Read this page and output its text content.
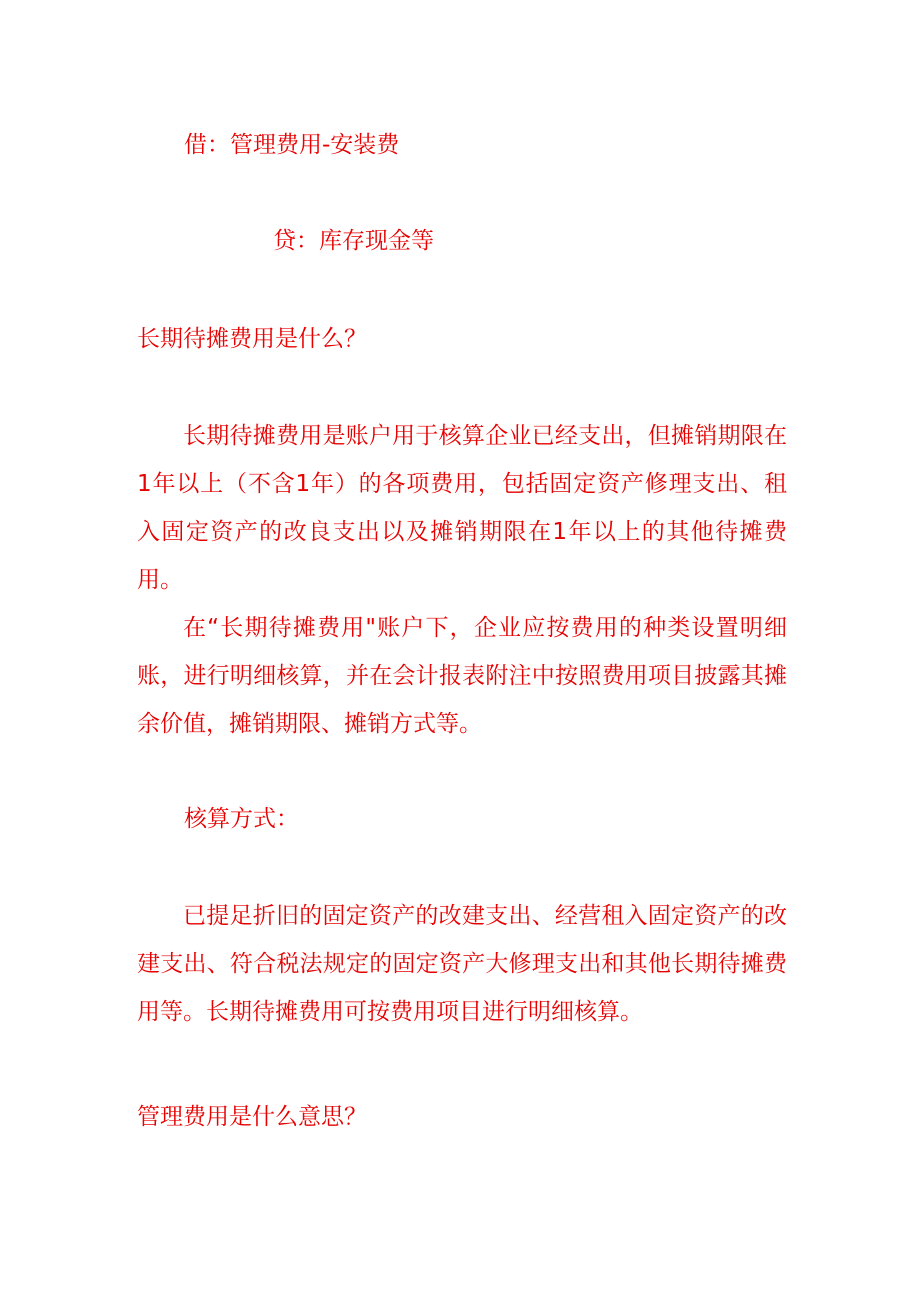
借：管理费用-安装费
贷：库存现金等
长期待摊费用是什么？

长期待摊费用是账户用于核算企业已经支出，但摊销期限在1年以上（不含1年）的各项费用，包括固定资产修理支出、租入固定资产的改良支出以及摊销期限在1年以上的其他待摊费用。

在“长期待摊费用"账户下，企业应按费用的种类设置明细账，进行明细核算，并在会计报表附注中按照费用项目披露其摊余价值，摊销期限、摊销方式等。

核算方式：

已提足折旧的固定资产的改建支出、经营租入固定资产的改建支出、符合税法规定的固定资产大修理支出和其他长期待摊费用等。长期待摊费用可按费用项目进行明细核算。

管理费用是什么意思？
